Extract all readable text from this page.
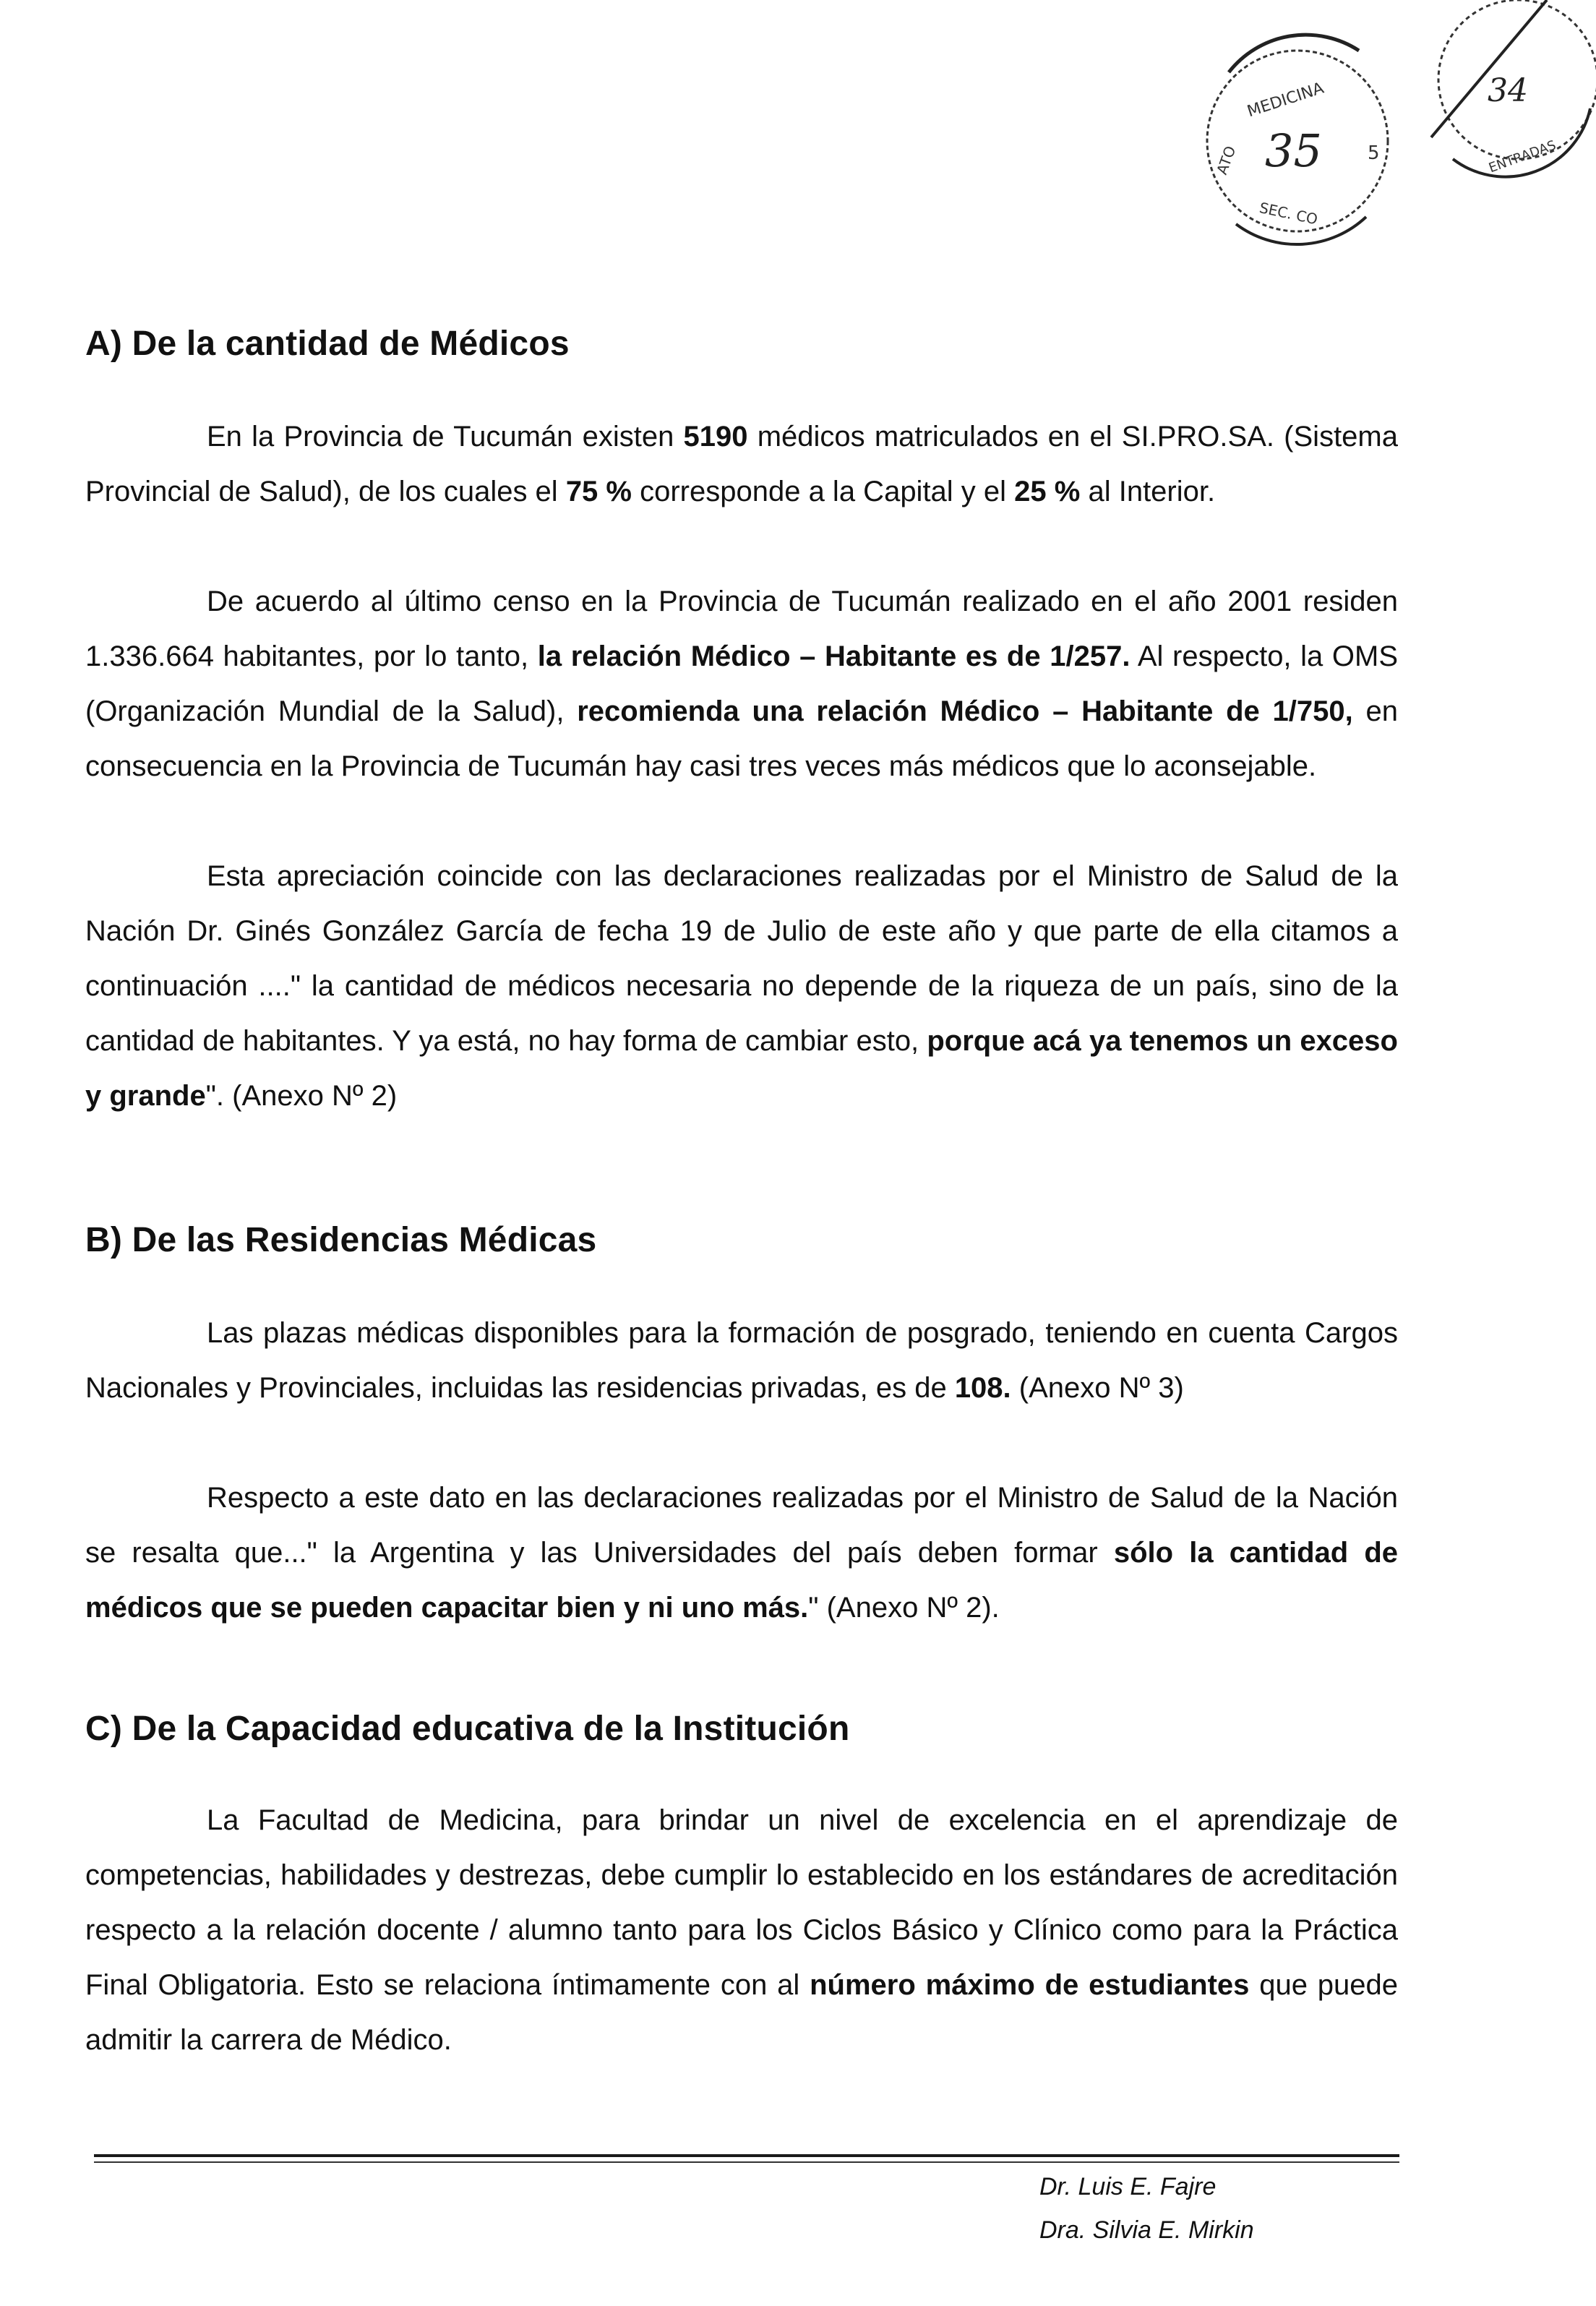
MEDICINA
ATO
SEC. CO
5
35
34
ENTRADAS
A) De la cantidad de Médicos

En la Provincia de Tucumán existen 5190 médicos matriculados en el SI.PRO.SA. (Sistema Provincial de Salud), de los cuales el 75 % corresponde a la Capital y el 25 % al Interior.

De acuerdo al último censo en la Provincia de Tucumán realizado en el año 2001 residen 1.336.664 habitantes, por lo tanto, la relación Médico – Habitante es de 1/257. Al respecto, la OMS (Organización Mundial de la Salud), recomienda una relación Médico – Habitante de 1/750, en consecuencia en la Provincia de Tucumán hay casi tres veces más médicos que lo aconsejable.

Esta apreciación coincide con las declaraciones realizadas por el Ministro de Salud de la Nación Dr. Ginés González García de fecha 19 de Julio de este año y que parte de ella citamos a continuación ...." la cantidad de médicos necesaria no depende de la riqueza de un país, sino de la cantidad de habitantes. Y ya está, no hay forma de cambiar esto, porque acá ya tenemos un exceso y grande". (Anexo Nº 2)

B) De las Residencias Médicas

Las plazas médicas disponibles para la formación de posgrado, teniendo en cuenta Cargos Nacionales y Provinciales, incluidas las residencias privadas, es de 108. (Anexo Nº 3)

Respecto a este dato en las declaraciones realizadas por el Ministro de Salud de la Nación se resalta que..." la Argentina y las Universidades del país deben formar sólo la cantidad de médicos que se pueden capacitar bien y ni uno más." (Anexo Nº 2).

C) De la Capacidad educativa de la Institución

La Facultad de Medicina, para brindar un nivel de excelencia en el aprendizaje de competencias, habilidades y destrezas, debe cumplir lo establecido en los estándares de acreditación respecto a la relación docente / alumno tanto para los Ciclos Básico y Clínico como para la Práctica Final Obligatoria. Esto se relaciona íntimamente con al número máximo de estudiantes que puede admitir la carrera de Médico.

Dr. Luis E. Fajre

Dra. Silvia E. Mirkin
